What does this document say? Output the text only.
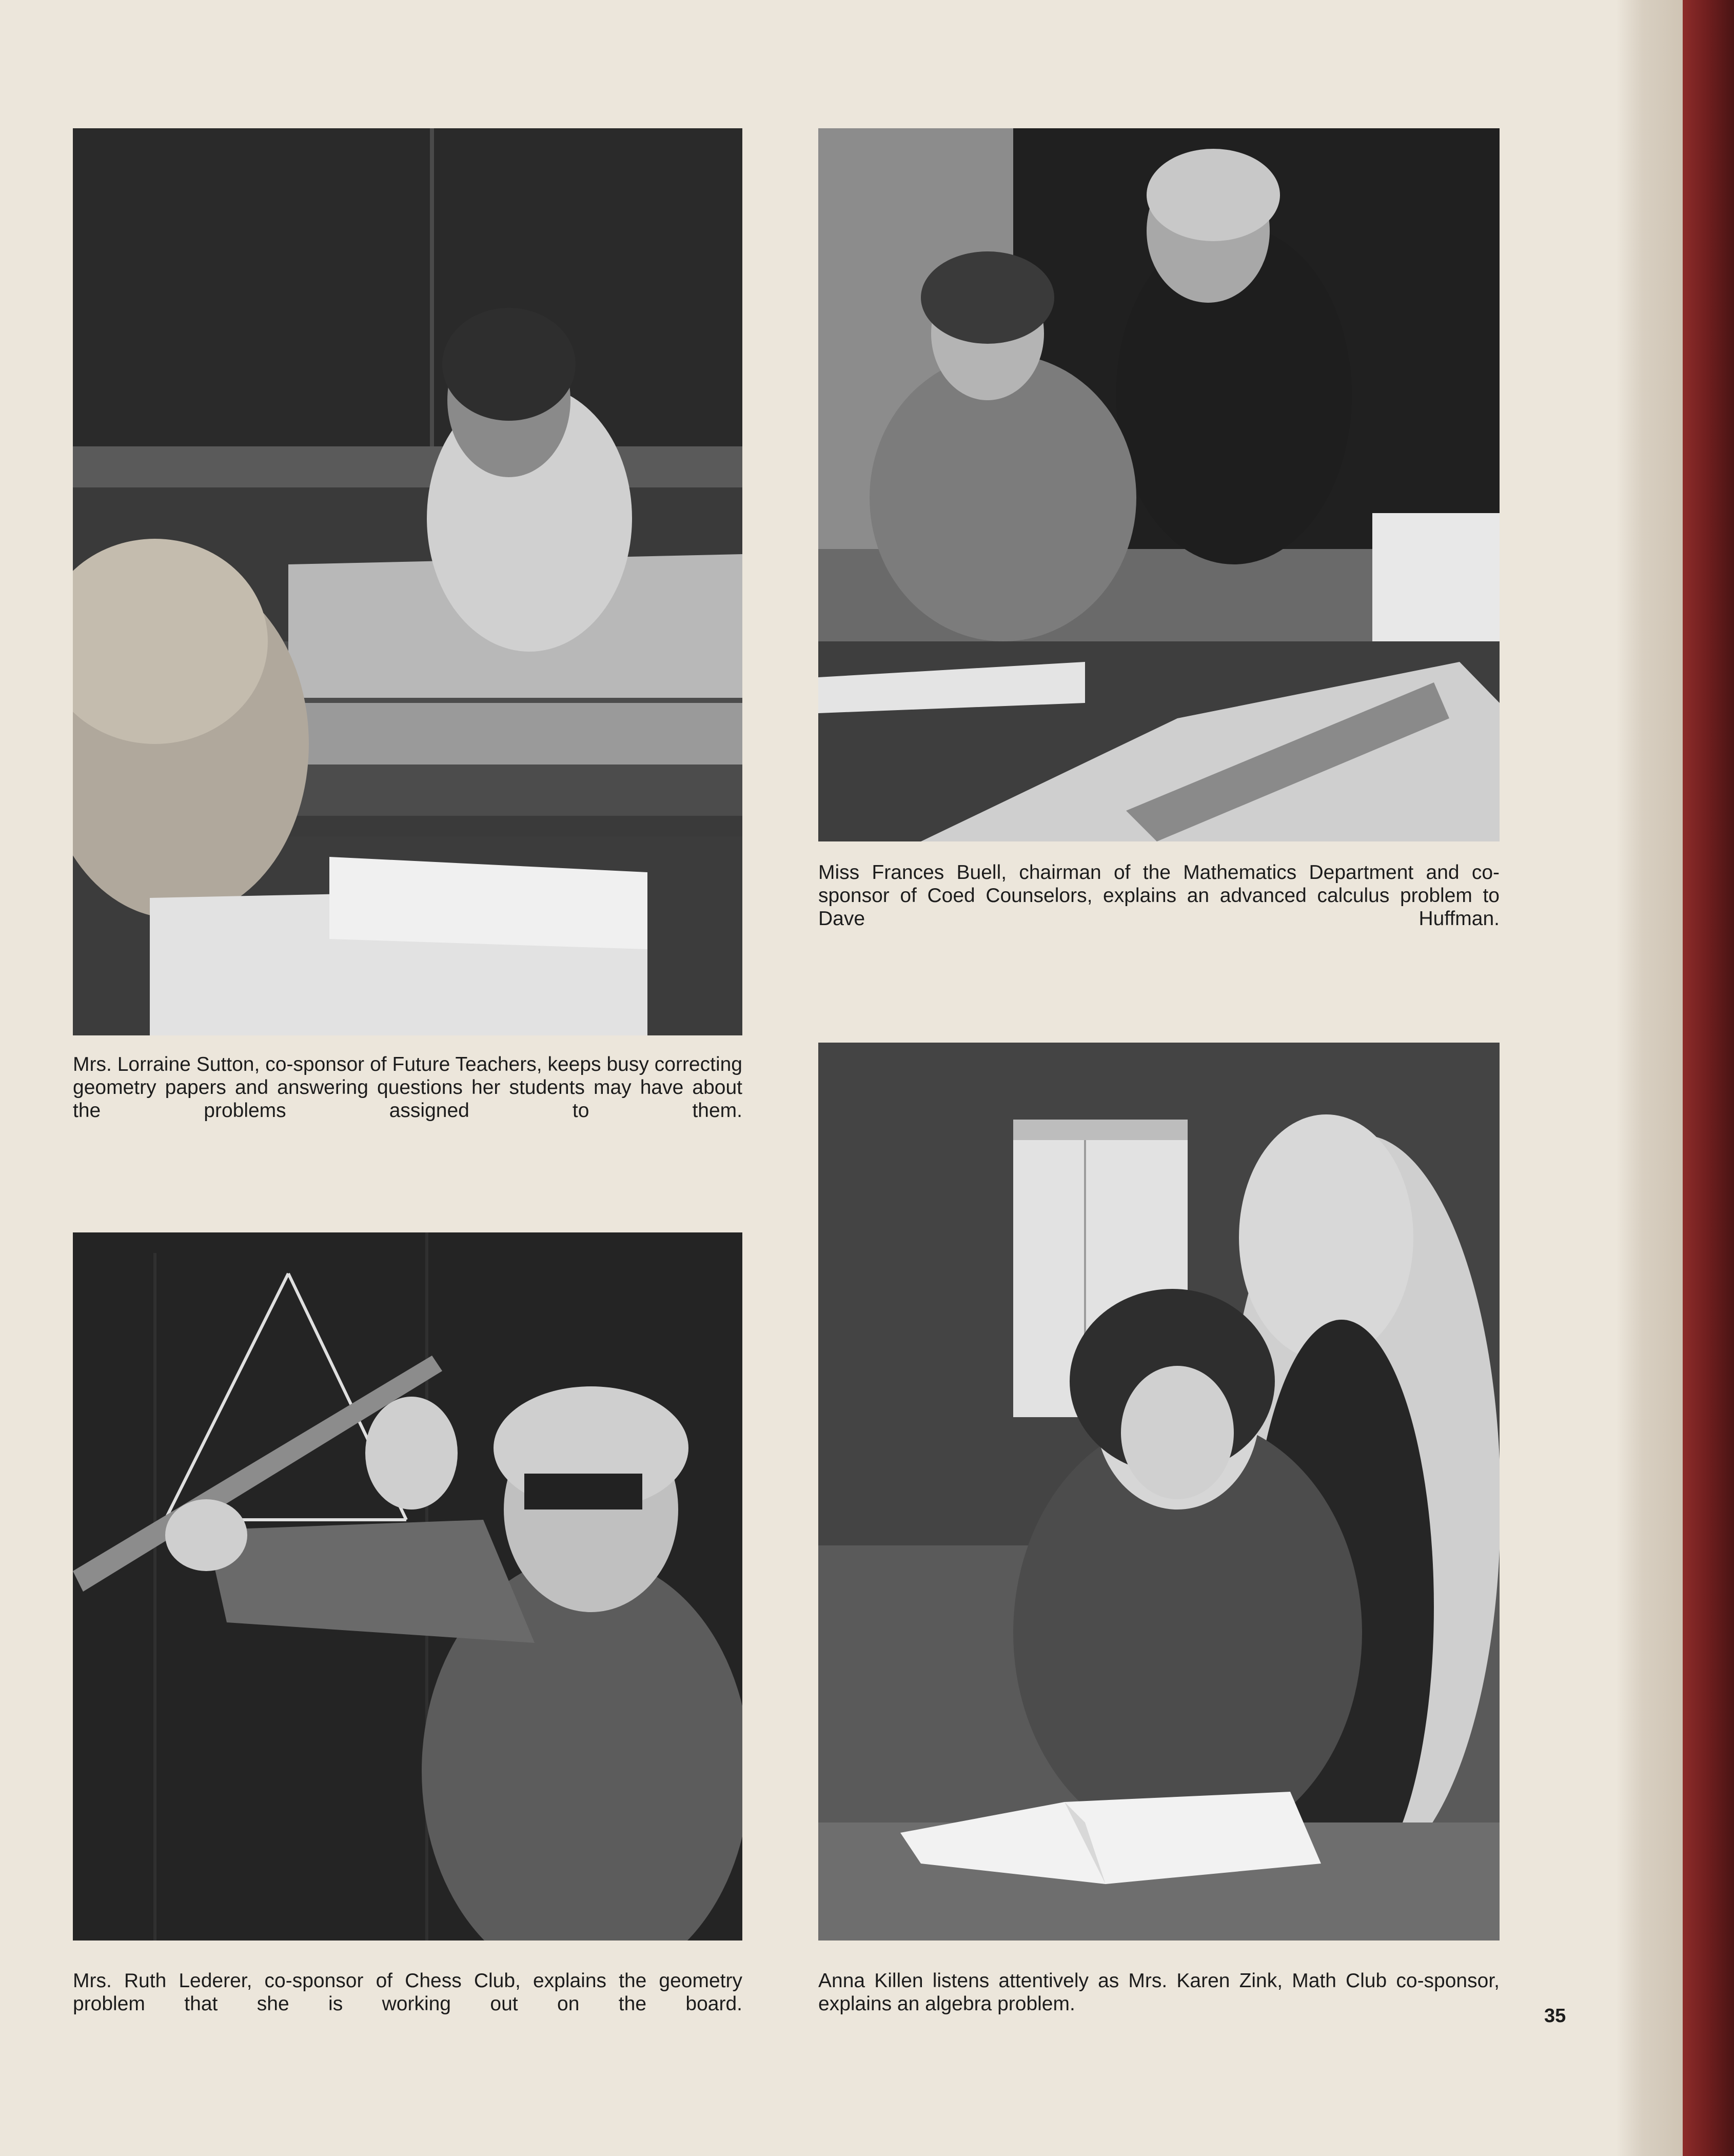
Mrs. Lorraine Sutton, co-sponsor of Future Teachers, keeps busy correcting geometry papers and answering questions her students may have about the problems assigned to them.

Miss Frances Buell, chairman of the Mathematics Department and co-sponsor of Coed Counselors, explains an advanced calculus problem to Dave Huffman.

Mrs. Ruth Lederer, co-sponsor of Chess Club, explains the geometry problem that she is working out on the board.

Anna Killen listens attentively as Mrs. Karen Zink, Math Club co-sponsor, explains an algebra problem.

35
